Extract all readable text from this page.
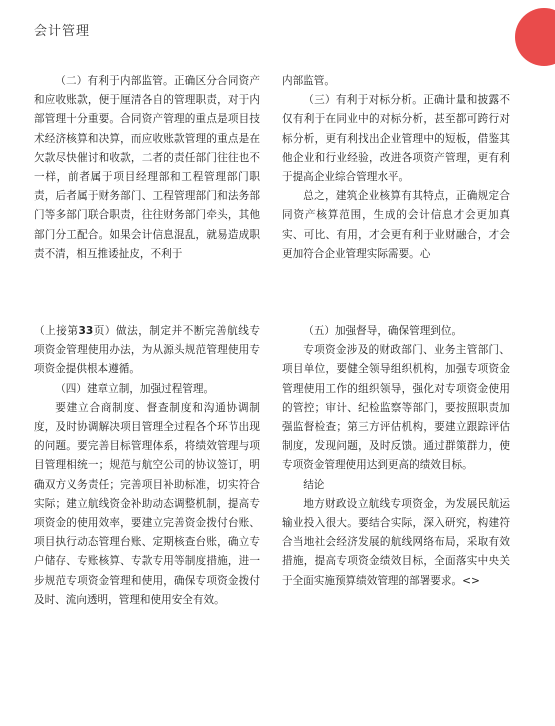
会计管理

（二）有利于内部监管。正确区分合同资产和应收账款，便于厘清各自的管理职责，对于内部管理十分重要。合同资产管理的重点是项目技术经济核算和决算，而应收账款管理的重点是在欠款尽快催讨和收款，二者的责任部门往往也不一样，前者属于项目经理部和工程管理部门职责，后者属于财务部门、工程管理部门和法务部门等多部门联合职责，往往财务部门牵头，其他部门分工配合。如果会计信息混乱，就易造成职责不清，相互推诿扯皮，不利于

内部监管。

（三）有利于对标分析。正确计量和披露不仅有利于在同业中的对标分析，甚至都可跨行对标分析，更有利找出企业管理中的短板，借鉴其他企业和行业经验，改进各项资产管理，更有利于提高企业综合管理水平。

总之，建筑企业核算有其特点，正确规定合同资产核算范围，生成的会计信息才会更加真实、可比、有用，才会更有利于业财融合，才会更加符合企业管理实际需要。心

（上接第33页）做法，制定并不断完善航线专项资金管理使用办法，为从源头规范管理使用专项资金提供根本遵循。

（四）建章立制，加强过程管理。

要建立合商制度、督查制度和沟通协调制度，及时协调解决项目管理全过程各个环节出现的问题。要完善目标管理体系，将绩效管理与项目管理相统一；规范与航空公司的协议签订，明确双方义务责任；完善项目补助标准，切实符合实际；建立航线资金补助动态调整机制，提高专项资金的使用效率，要建立完善资金拨付台账、项目执行动态管理台账、定期核查台账，确立专户储存、专账核算、专款专用等制度措施，进一步规范专项资金管理和使用，确保专项资金拨付及时、流向透明，管理和使用安全有效。

（五）加强督导，确保管理到位。

专项资金涉及的财政部门、业务主管部门、项目单位，要健全领导组织机构，加强专项资金管理使用工作的组织领导，强化对专项资金使用的管控；审计、纪检监察等部门，要按照职责加强监督检查；第三方评估机构，要建立跟踪评估制度，发现问题，及时反馈。通过群策群力，使专项资金管理使用达到更高的绩效目标。

结论

地方财政设立航线专项资金，为发展民航运输业投入很大。要结合实际，深入研究，构建符合当地社会经济发展的航线网络布局，采取有效措施，提高专项资金绩效目标，全面落实中央关于全面实施预算绩效管理的部署要求。<>
